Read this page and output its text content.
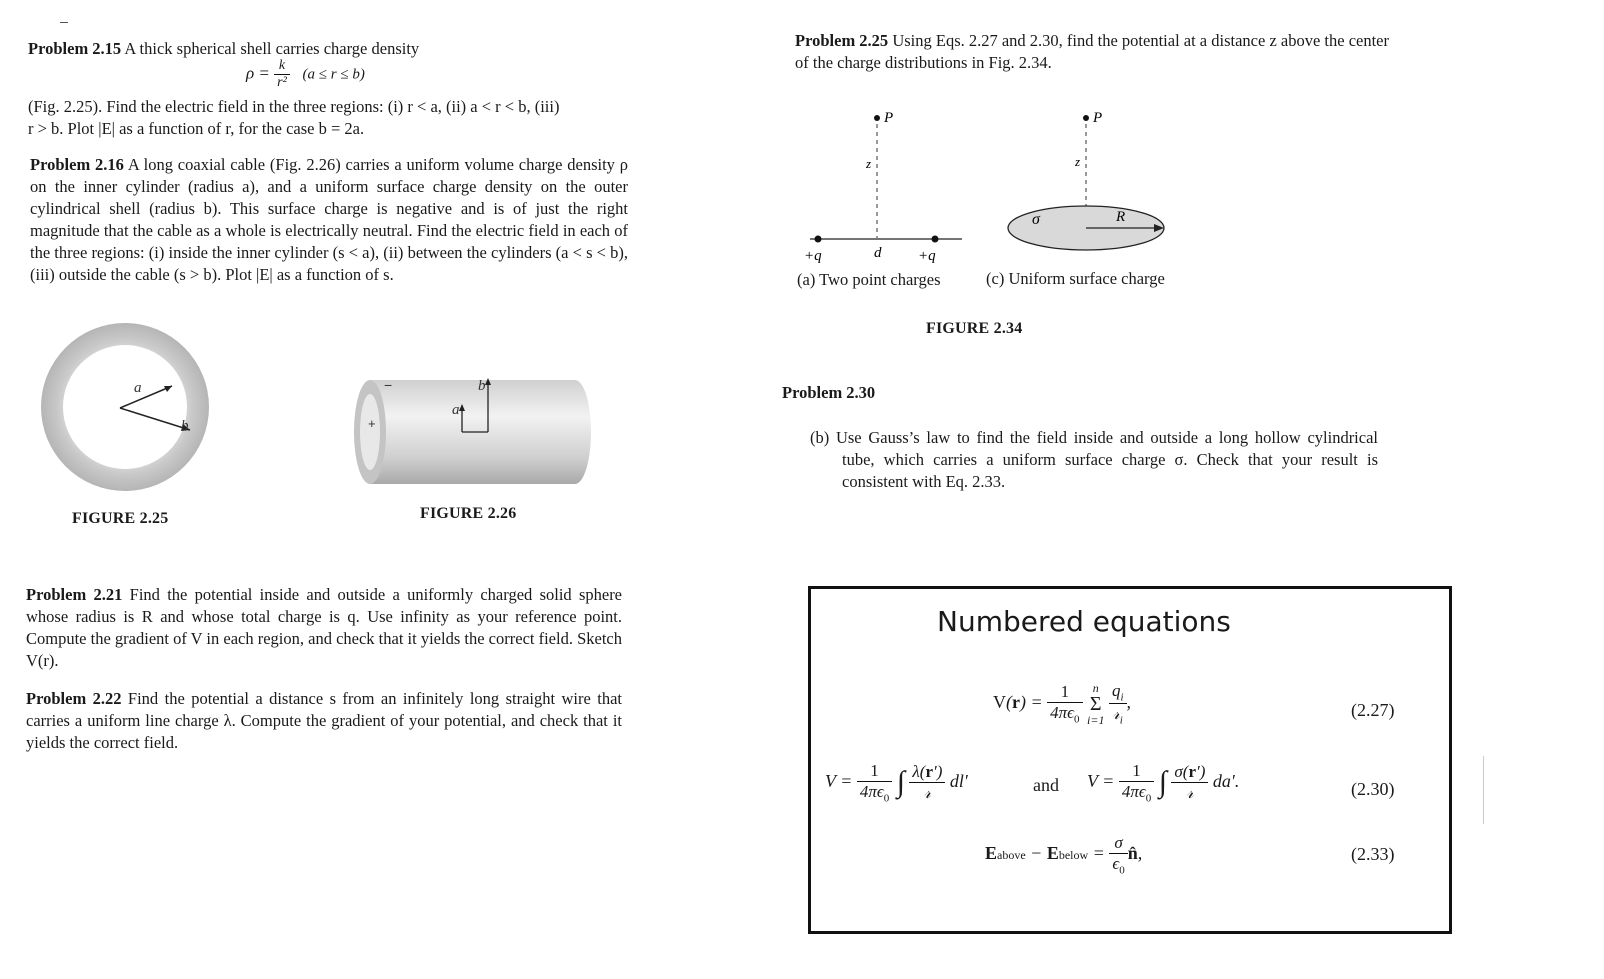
Problem 2.15 A thick spherical shell carries charge density
$\rho = \frac{k}{\text{r²}} (a \le r \le b)$
(Fig. 2.25). Find the electric field in the three regions: (i) r < a, (ii) a < r < b, (iii)
r > b. Plot |E| as a function of r, for the case b = 2a.
Problem 2.16 A long coaxial cable (Fig. 2.26) carries a uniform volume charge density ρ on the inner cylinder (radius a), and a uniform surface charge density on the outer cylindrical shell (radius b). This surface charge is negative and is of just the right magnitude that the cable as a whole is electrically neutral. Find the electric field in each of the three regions: (i) inside the inner cylinder (s < a), (ii) between the cylinders (a < s < b), (iii) outside the cable (s > b). Plot |E| as a function of s.
a
b
FIGURE 2.25
a
b
+
−
FIGURE 2.26
Problem 2.21 Find the potential inside and outside a uniformly charged solid sphere whose radius is R and whose total charge is q. Use infinity as your reference point. Compute the gradient of V in each region, and check that it yields the correct field. Sketch V(r).
Problem 2.22 Find the potential a distance s from an infinitely long straight wire that carries a uniform line charge λ. Compute the gradient of your potential, and check that it yields the correct field.
Problem 2.25 Using Eqs. 2.27 and 2.30, find the potential at a distance z above the center of the charge distributions in Fig. 2.34.
P
z
+q	d +q
P
z
σ	R
(a) Two point charges	(c) Uniform surface charge
FIGURE 2.34
Problem 2.30
(b) Use Gauss’s law to find the field inside and outside a long hollow cylindrical tube, which carries a uniform surface charge σ. Check that your result is consistent with Eq. 2.33.
Numbered equations
$V(r) = \frac{1}{4\pi\epsilon_0}$
n
Σ
i=1
$\frac{q_i}{𝓇_i}$ ,	(2.27)
$V = \frac{1}{4\pi\epsilon_0}$ ∫ $\frac{\lambda(r')}{\text{𝓇}} dl'$	and $V = \frac{1}{4\pi\epsilon_0}$ ∫ $\frac{\sigma(r')}{\text{𝓇}} da'$.	(2.30)
Eabove − Ebelow = $\frac{\sigma}{\epsilon_0}$ n̂,	(2.33)
